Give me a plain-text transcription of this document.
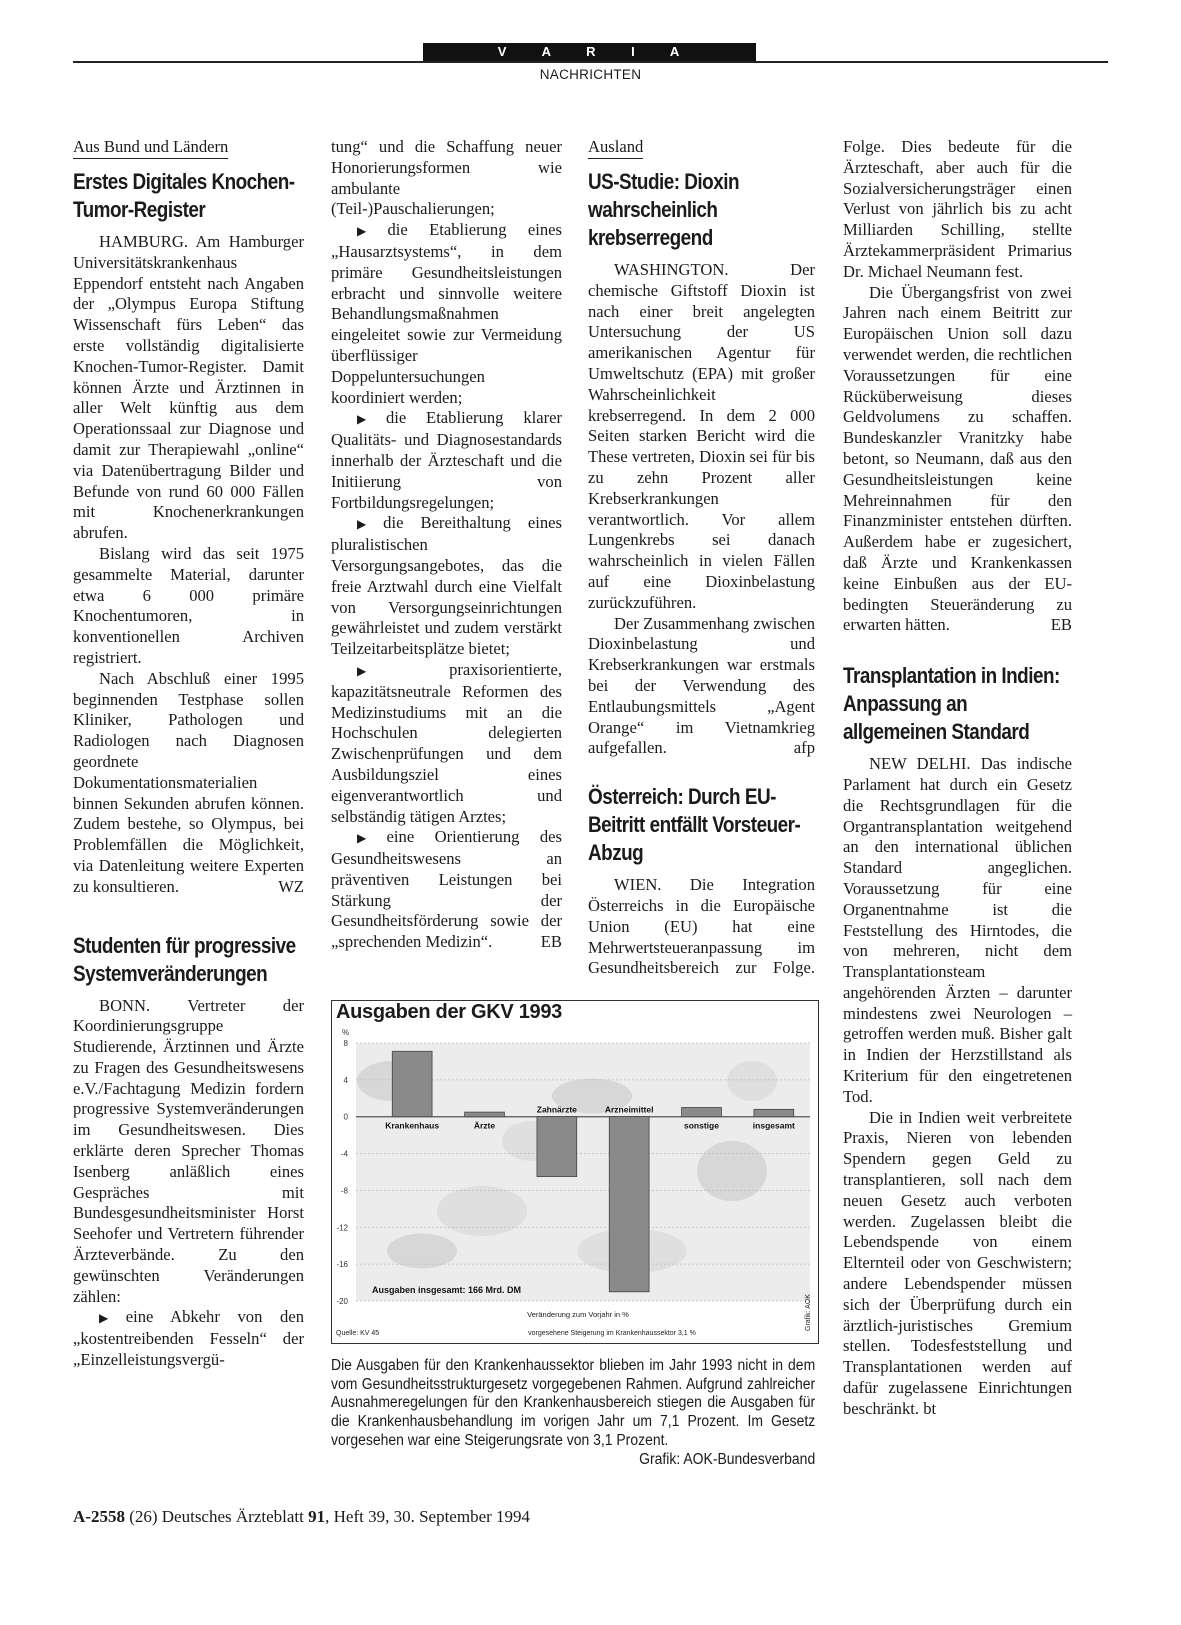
V A R I A
NACHRICHTEN
Aus Bund und Ländern
Erstes Digitales Knochen-Tumor-Register

HAMBURG. Am Hamburger Universitätskrankenhaus Eppendorf entsteht nach Angaben der „Olympus Europa Stiftung Wissenschaft fürs Leben“ das erste vollständig digitalisierte Knochen-Tumor-Register. Damit können Ärzte und Ärztinnen in aller Welt künftig aus dem Operationssaal zur Diagnose und damit zur Therapiewahl „online“ via Datenübertragung Bilder und Befunde von rund 60 000 Fällen mit Knochenerkrankungen abrufen.

Bislang wird das seit 1975 gesammelte Material, darunter etwa 6 000 primäre Knochentumoren, in konventionellen Archiven registriert.

Nach Abschluß einer 1995 beginnenden Testphase sollen Kliniker, Pathologen und Radiologen nach Diagnosen geordnete Dokumentationsmaterialien binnen Sekunden abrufen können. Zudem bestehe, so Olympus, bei Problemfällen die Möglichkeit, via Datenleitung weitere Experten zu konsultieren.	WZ

Studenten für progressive Systemveränderungen

BONN. Vertreter der Koordinierungsgruppe Studierende, Ärztinnen und Ärzte zu Fragen des Gesundheitswesens e.V./Fachtagung Medizin fordern progressive Systemveränderungen im Gesundheitswesen. Dies erklärte deren Sprecher Thomas Isenberg anläßlich eines Gespräches mit Bundesgesundheitsminister Horst Seehofer und Vertretern führender Ärzteverbände. Zu den gewünschten Veränderungen zählen:

▶ eine Abkehr von den „kostentreibenden Fesseln“ der „Einzelleistungsvergü-

tung“ und die Schaffung neuer Honorierungsformen wie ambulante (Teil-)Pauschalierungen;

▶ die Etablierung eines „Hausarztsystems“, in dem primäre Gesundheitsleistungen erbracht und sinnvolle weitere Behandlungsmaßnahmen eingeleitet sowie zur Vermeidung überflüssiger Doppeluntersuchungen koordiniert werden;

▶ die Etablierung klarer Qualitäts- und Diagnosestandards innerhalb der Ärzteschaft und die Initiierung von Fortbildungsregelungen;

▶ die Bereithaltung eines pluralistischen Versorgungsangebotes, das die freie Arztwahl durch eine Vielfalt von Versorgungseinrichtungen gewährleistet und zudem verstärkt Teilzeitarbeitsplätze bietet;

▶ praxisorientierte, kapazitätsneutrale Reformen des Medizinstudiums mit an die Hochschulen delegierten Zwischenprüfungen und dem Ausbildungsziel eines eigenverantwortlich und selbständig tätigen Arztes;

▶ eine Orientierung des Gesundheitswesens an präventiven Leistungen bei Stärkung der Gesundheitsförderung sowie der „sprechenden Medizin“.	EB

Ausland
US-Studie: Dioxin wahrscheinlich krebserregend

WASHINGTON. Der chemische Giftstoff Dioxin ist nach einer breit angelegten Untersuchung der US amerikanischen Agentur für Umweltschutz (EPA) mit großer Wahrscheinlichkeit krebserregend. In dem 2 000 Seiten starken Bericht wird die These vertreten, Dioxin sei für bis zu zehn Prozent aller Krebserkrankungen verantwortlich. Vor allem Lungenkrebs sei danach wahrscheinlich in vielen Fällen auf eine Dioxinbelastung zurückzuführen.

Der Zusammenhang zwischen Dioxinbelastung und Krebserkrankungen war erstmals bei der Verwendung des Entlaubungsmittels „Agent Orange“ im Vietnamkrieg aufgefallen.	afp

Österreich: Durch EU-Beitritt entfällt Vorsteuer-Abzug

WIEN. Die Integration Österreichs in die Europäische Union (EU) hat eine Mehrwertsteueranpassung im Gesundheitsbereich zur Folge.

Folge. Dies bedeute für die Ärzteschaft, aber auch für die Sozialversicherungsträger einen Verlust von jährlich bis zu acht Milliarden Schilling, stellte Ärztekammerpräsident Primarius Dr. Michael Neumann fest.

Die Übergangsfrist von zwei Jahren nach einem Beitritt zur Europäischen Union soll dazu verwendet werden, die rechtlichen Voraussetzungen für eine Rücküberweisung dieses Geldvolumens zu schaffen. Bundeskanzler Vranitzky habe betont, so Neumann, daß aus den Gesundheitsleistungen keine Mehreinnahmen für den Finanzminister entstehen dürften. Außerdem habe er zugesichert, daß Ärzte und Krankenkassen keine Einbußen aus der EU-bedingten Steueränderung zu erwarten hätten.	EB

Transplantation in Indien: Anpassung an allgemeinen Standard

NEW DELHI. Das indische Parlament hat durch ein Gesetz die Rechtsgrundlagen für die Organtransplantation weitgehend an den international üblichen Standard angeglichen. Voraussetzung für eine Organentnahme ist die Feststellung des Hirntodes, die von mehreren, nicht dem Transplantationsteam angehörenden Ärzten – darunter mindestens zwei Neurologen – getroffen werden muß. Bisher galt in Indien der Herzstillstand als Kriterium für den eingetretenen Tod.

Die in Indien weit verbreitete Praxis, Nieren von lebenden Spendern gegen Geld zu transplantieren, soll nach dem neuen Gesetz auch verboten werden. Zugelassen bleibt die Lebendspende von einem Elternteil oder von Geschwistern; andere Lebendspender müssen sich der Überprüfung durch ein ärztlich-juristisches Gremium stellen. Todesfeststellung und Transplantationen werden auf dafür zugelassene Einrichtungen beschränkt. bt

8
4
0
-4
-8
-12
-16
-20
%
Krankenhaus	Ärzte
Zahnärzte	Arzneimittel
sonstige	insgesamt
Ausgaben insgesamt: 166 Mrd. DM
Veränderung zum Vorjahr in %
Quelle: KV 45	vorgesehene Steigerung im Krankenhaussektor 3,1 %
Grafik: AOK
Ausgaben der GKV 1993
Die Ausgaben für den Krankenhaussektor blieben im Jahr 1993 nicht in dem vom Gesundheitsstrukturgesetz vorgegebenen Rahmen. Aufgrund zahlreicher Ausnahmeregelungen für den Krankenhausbereich stiegen die Ausgaben für die Krankenhausbehandlung im vorigen Jahr um 7,1 Prozent. Im Gesetz vorgesehen war eine Steigerungsrate von 3,1 Prozent.
Grafik: AOK-Bundesverband
A-2558 (26) Deutsches Ärzteblatt 91, Heft 39, 30. September 1994
